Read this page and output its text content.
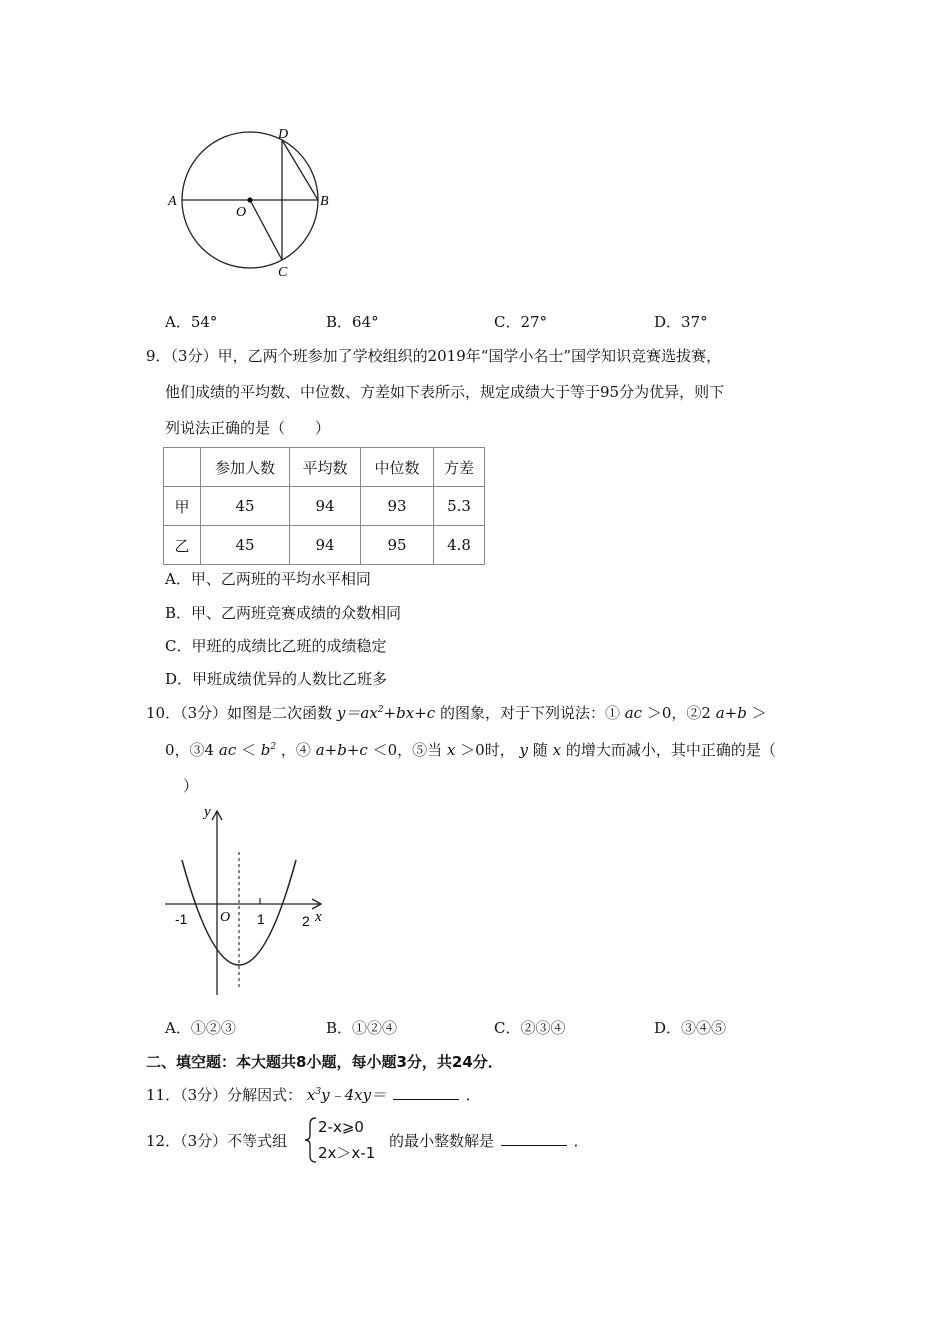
A
O
B
C
D
A．54°	B．64°	C．27°	D．37°
9．（3分）甲，乙两个班参加了学校组织的2019年“国学小名士”国学知识竞赛选拔赛，
他们成绩的平均数、中位数、方差如下表所示，规定成绩大于等于95分为优异，则下
列说法正确的是（　　）
	参加人数	平均数	中位数	方差
甲	45	94	93	5.3
乙	45	94	95	4.8
A．甲、乙两班的平均水平相同
B．甲、乙两班竞赛成绩的众数相同
C．甲班的成绩比乙班的成绩稳定
D．甲班成绩优异的人数比乙班多
10．（3分）如图是二次函数 $y=ax^2+bx+c$ 的图象，对于下列说法：① ac ＞0，②2 a+b ＞
0，③4 ac ＜ $b^2$ ，④ a+b+c ＜0，⑤当 x ＞0时， y 随 x 的增大而减小，其中正确的是（
）
y
x
O
-1	1	2
A．①②③	B．①②④	C．②③④	D．③④⑤
二、填空题：本大题共8小题，每小题3分，共24分．
11．（3分）分解因式： $x^3y﹣4xy=$	．
12．（3分）不等式组
2-x⩾0
2x＞x-1
的最小整数解是	．
